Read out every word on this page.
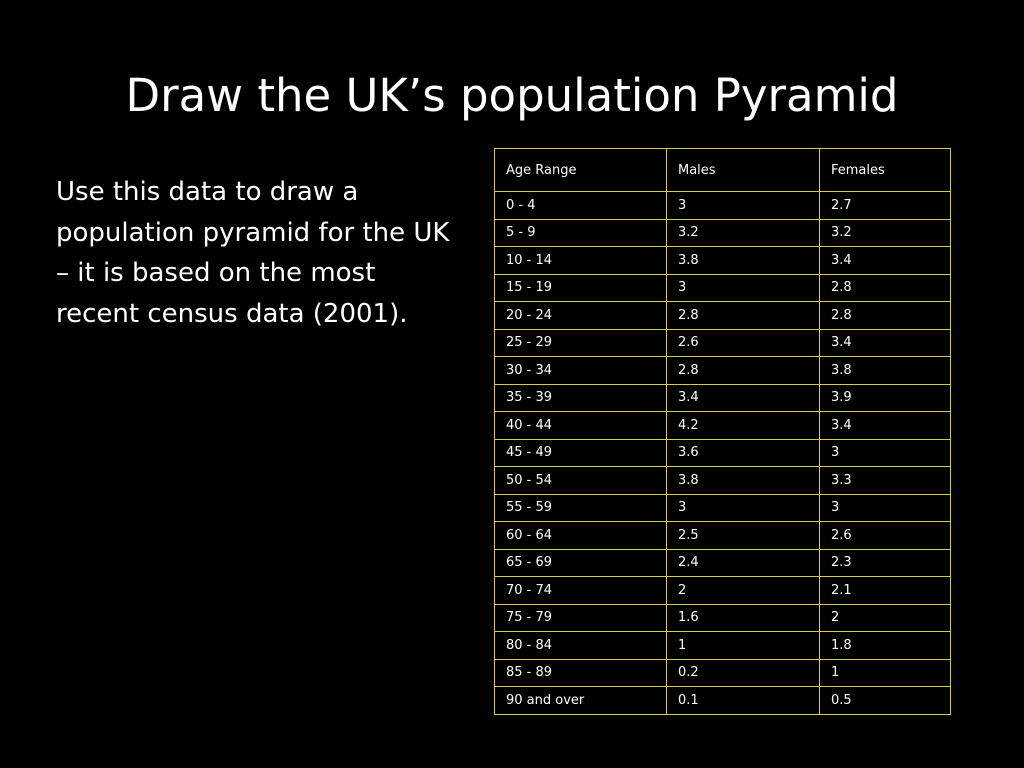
Draw the UK’s population Pyramid
Use this data to draw a population pyramid for the UK – it is based on the most recent census data (2001).
Age Range	Males	Females
0 - 4	3	2.7
5 - 9	3.2	3.2
10 - 14	3.8	3.4
15 - 19	3	2.8
20 - 24	2.8	2.8
25 - 29	2.6	3.4
30 - 34	2.8	3.8
35 - 39	3.4	3.9
40 - 44	4.2	3.4
45 - 49	3.6	3
50 - 54	3.8	3.3
55 - 59	3	3
60 - 64	2.5	2.6
65 - 69	2.4	2.3
70 - 74	2	2.1
75 - 79	1.6	2
80 - 84	1	1.8
85 - 89	0.2	1
90 and over	0.1	0.5
